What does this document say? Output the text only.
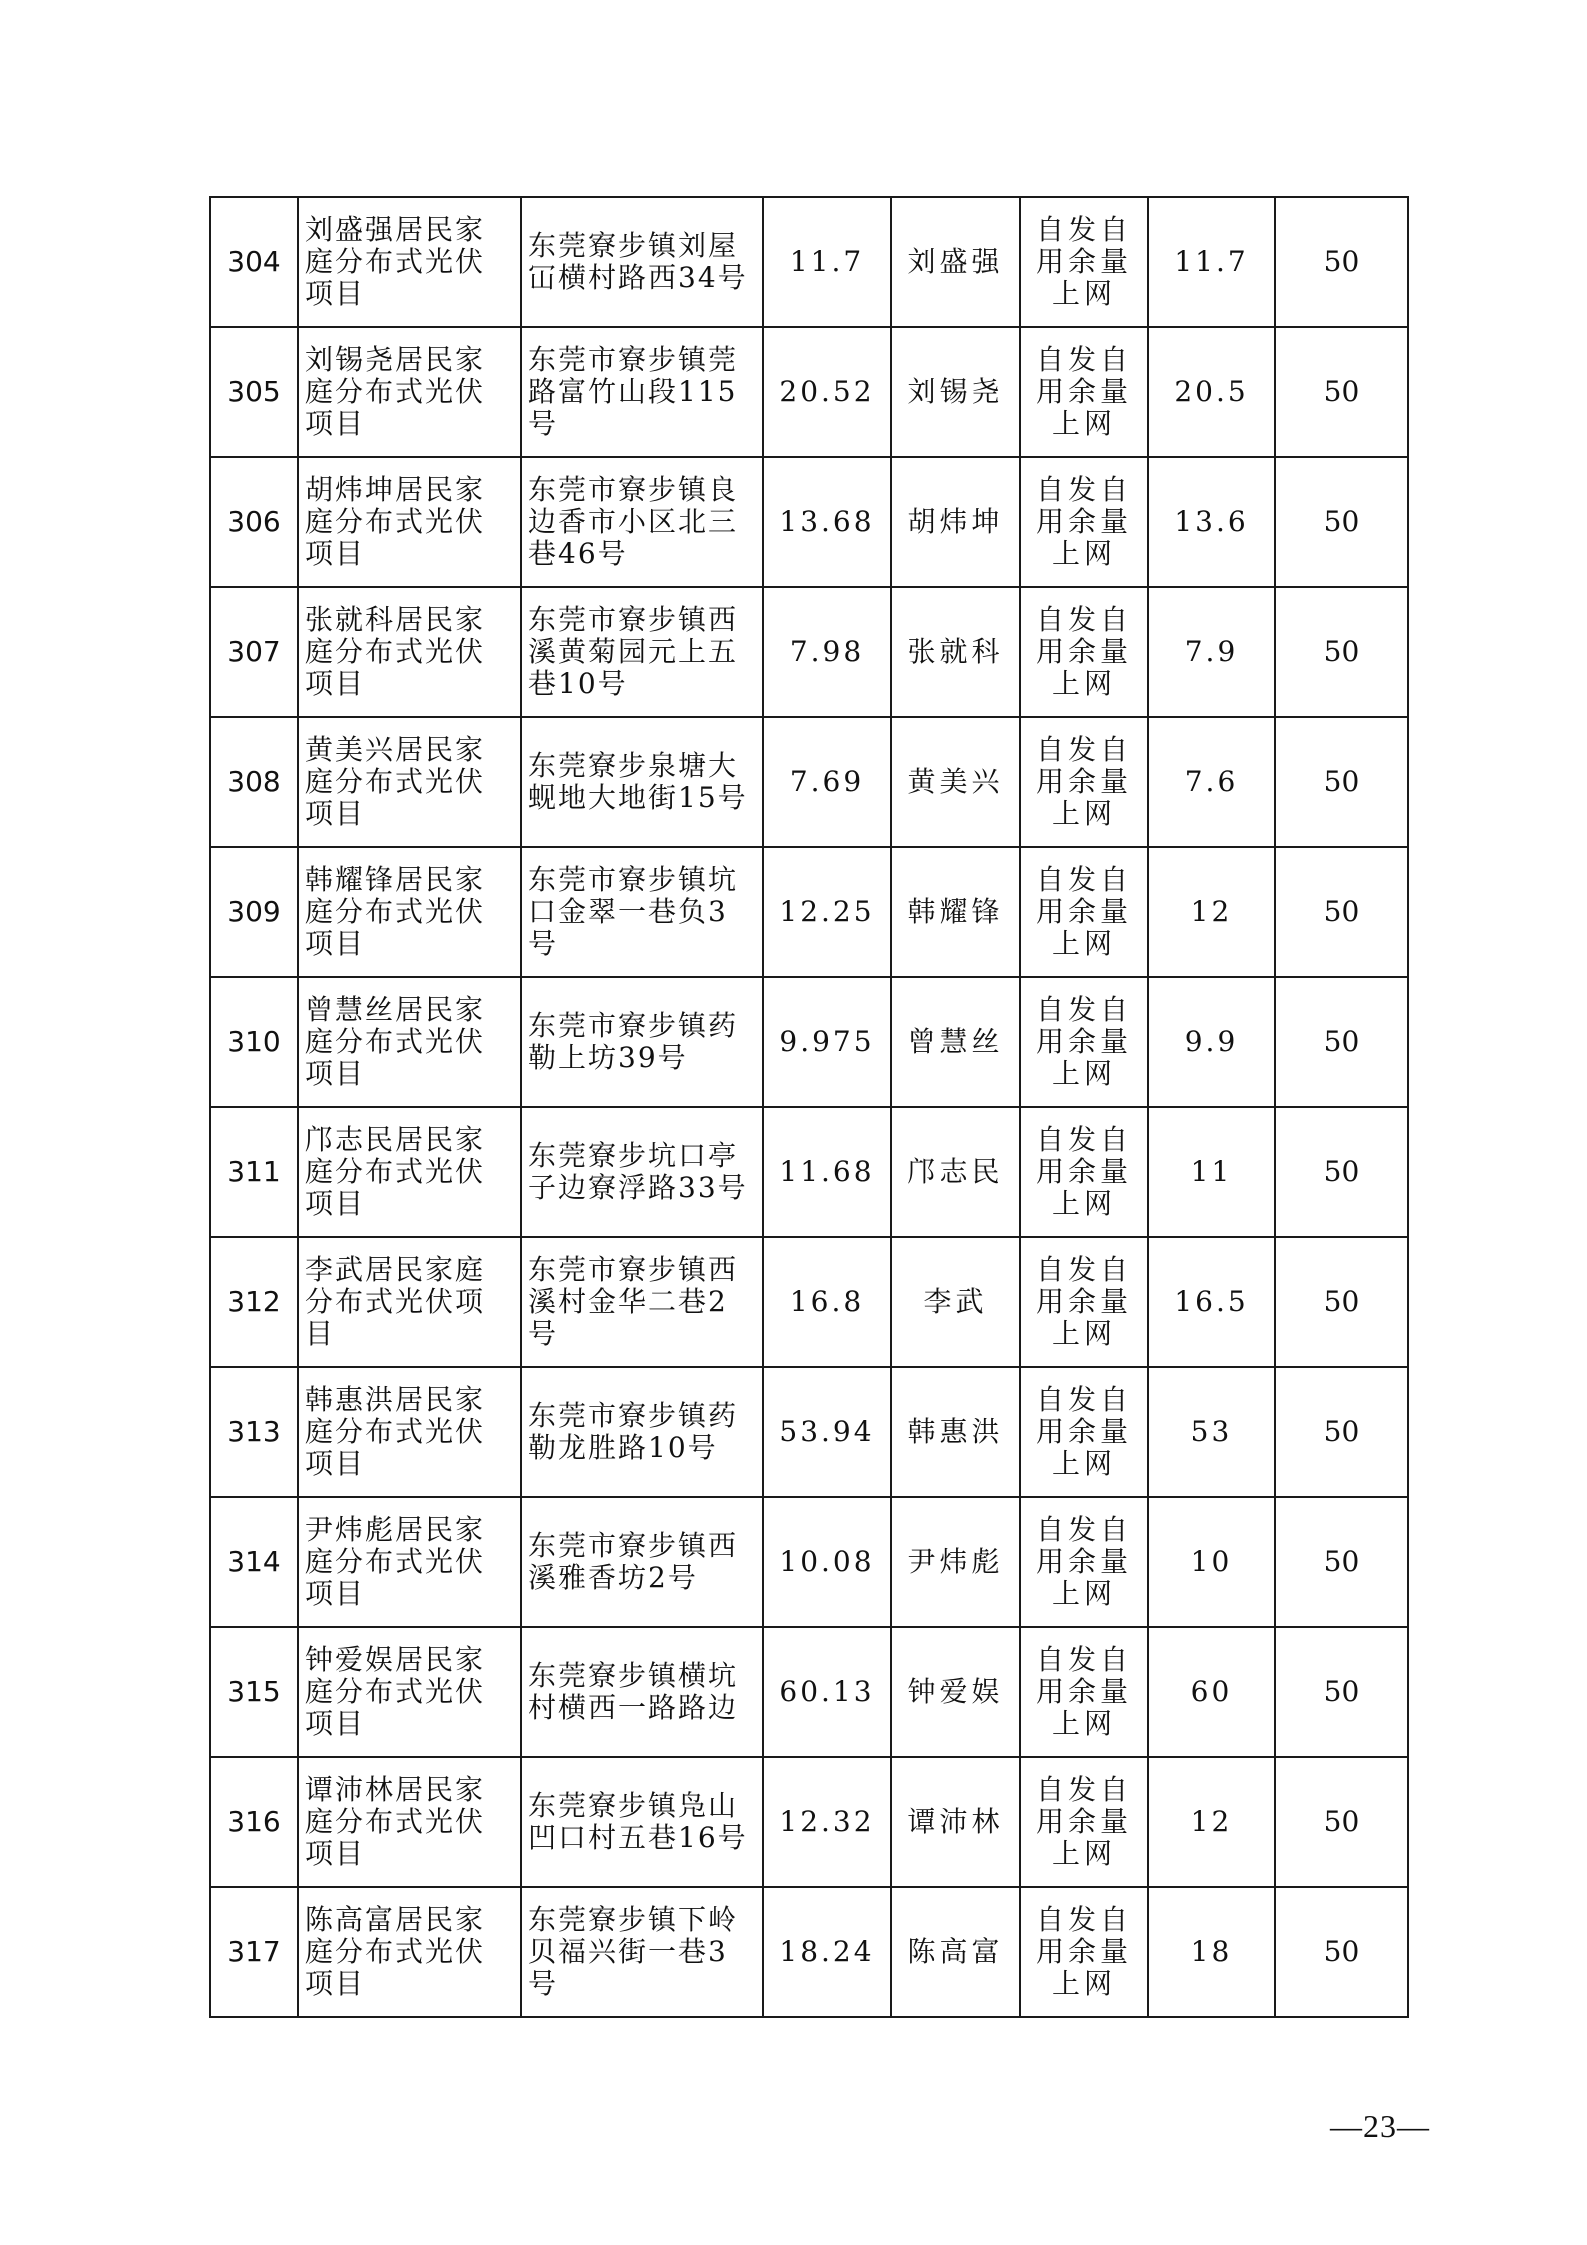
304	刘盛强居民家庭分布式光伏项目	东莞寮步镇刘屋冚横村路西34号	11.7	刘盛强	自发自用余量上网	11.7	50
305	刘锡尧居民家庭分布式光伏项目	东莞市寮步镇莞路富竹山段115号	20.52	刘锡尧	自发自用余量上网	20.5	50
306	胡炜坤居民家庭分布式光伏项目	东莞市寮步镇良边香市小区北三巷46号	13.68	胡炜坤	自发自用余量上网	13.6	50
307	张就科居民家庭分布式光伏项目	东莞市寮步镇西溪黄菊园元上五巷10号	7.98	张就科	自发自用余量上网	7.9	50
308	黄美兴居民家庭分布式光伏项目	东莞寮步泉塘大蚬地大地街15号	7.69	黄美兴	自发自用余量上网	7.6	50
309	韩耀锋居民家庭分布式光伏项目	东莞市寮步镇坑口金翠一巷负3号	12.25	韩耀锋	自发自用余量上网	12	50
310	曾慧丝居民家庭分布式光伏项目	东莞市寮步镇药勒上坊39号	9.975	曾慧丝	自发自用余量上网	9.9	50
311	邝志民居民家庭分布式光伏项目	东莞寮步坑口亭子边寮浮路33号	11.68	邝志民	自发自用余量上网	11	50
312	李武居民家庭分布式光伏项目	东莞市寮步镇西溪村金华二巷2号	16.8	李武	自发自用余量上网	16.5	50
313	韩惠洪居民家庭分布式光伏项目	东莞市寮步镇药勒龙胜路10号	53.94	韩惠洪	自发自用余量上网	53	50
314	尹炜彪居民家庭分布式光伏项目	东莞市寮步镇西溪雅香坊2号	10.08	尹炜彪	自发自用余量上网	10	50
315	钟爱娱居民家庭分布式光伏项目	东莞寮步镇横坑村横西一路路边	60.13	钟爱娱	自发自用余量上网	60	50
316	谭沛林居民家庭分布式光伏项目	东莞寮步镇凫山凹口村五巷16号	12.32	谭沛林	自发自用余量上网	12	50
317	陈高富居民家庭分布式光伏项目	东莞寮步镇下岭贝福兴街一巷3号	18.24	陈高富	自发自用余量上网	18	50
—23—
